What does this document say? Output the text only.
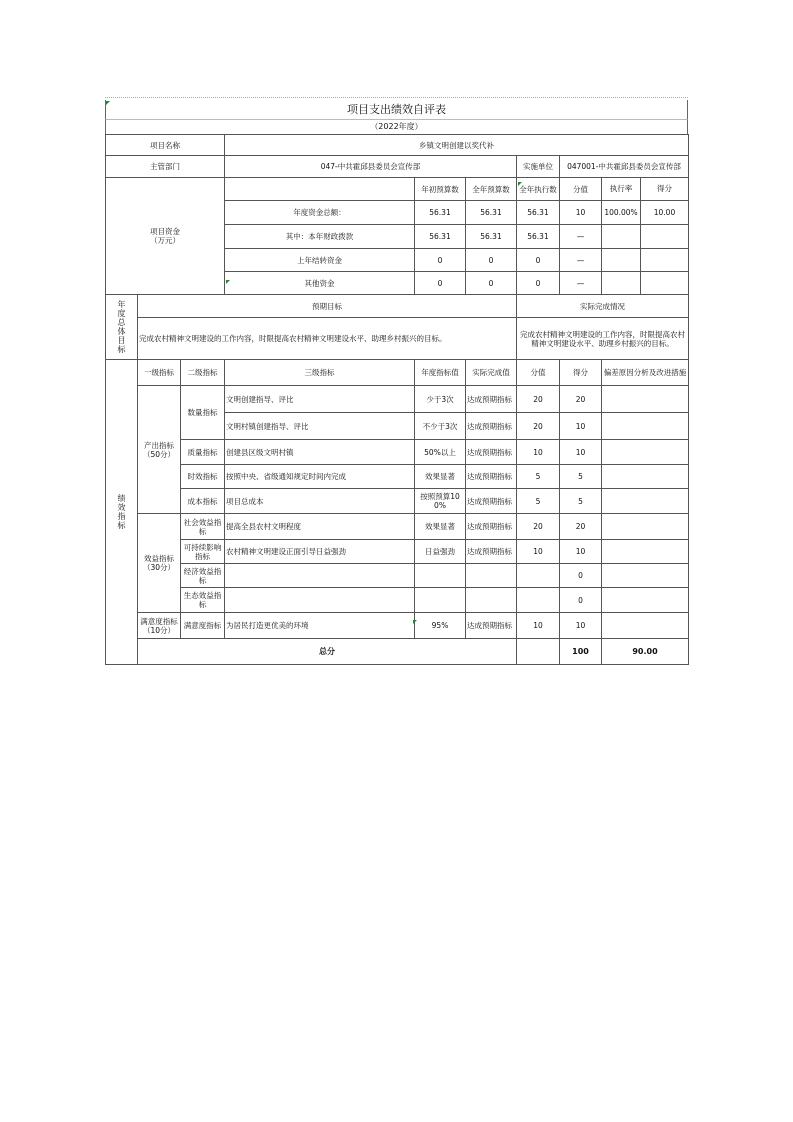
项目支出绩效自评表
（2022年度）
项目名称			乡镇文明创建以奖代补						
主管部门			047-中共霍邱县委员会宣传部			实施单位	047001-中共霍邱县委员会宣传部		
项目资金
（万元）				年初预算数	全年预算数	全年执行数	分值	执行率 得分	

			年度资金总额：	56.31	56.31	56.31	10	100.00% 10.00	

			其中：本年财政拨款	56.31	56.31	56.31	—		

			上年结转资金	0	0	0	—		

			其他资金	0	0	0	—		

年度总体目标	预期目标					实际完成情况			
	完成农村精神文明建设的工作内容，时限提高农村精神文明建设水平、助理乡村振兴的目标。					完成农村精神文明建设的工作内容，时限提高农村精神文明建设水平、助理乡村振兴的目标。			
绩效指标	一级指标	二级指标	三级指标	年度指标值	实际完成值	分值	得分	偏差原因分析及改进措施	
	产出指标
（50分）	数量指标	文明创建指导、评比	少于3次	达成预期指标	20	20		
			文明村镇创建指导、评比	不少于3次	达成预期指标	20	10		
		质量指标	创建县区级文明村镇	50%以上	达成预期指标	10	10		
		时效指标	按照中央、省级通知规定时间内完成	效果显著	达成预期指标	5	5		
		成本指标	项目总成本	按照预算100%	达成预期指标	5	5		
	效益指标
（30分）	社会效益指标	提高全县农村文明程度	效果显著	达成预期指标	20	20		
		可持续影响指标	农村精神文明建设正面引导日益强劲	日益强劲	达成预期指标	10	10		
		经济效益指标					0		
		生态效益指标					0		
	满意度指标（10分）	满意度指标	为居民打造更优美的环境	95%	达成预期指标	10	10		
	总分						100	90.00	
